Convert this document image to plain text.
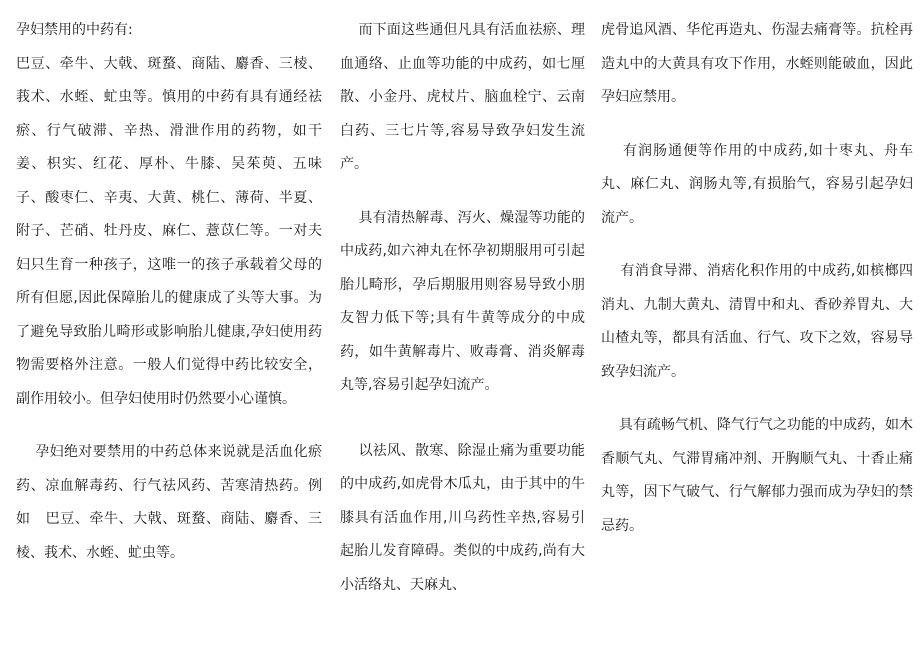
孕妇禁用的中药有:

巴豆、牵牛、大戟、斑蝥、商陆、麝香、三棱、莪术、水蛭、虻虫等。慎用的中药有具有通经祛瘀、行气破滞、辛热、滑泄作用的药物，如干姜、枳实、红花、厚朴、牛膝、吴茱萸、五味子、酸枣仁、辛夷、大黄、桃仁、薄荷、半夏、附子、芒硝、牡丹皮、麻仁、薏苡仁等。一对夫妇只生育一种孩子，这唯一的孩子承载着父母的所有但愿,因此保障胎儿的健康成了头等大事。为了避免导致胎儿畸形或影响胎儿健康,孕妇使用药物需要格外注意。一般人们觉得中药比较安全，副作用较小。但孕妇使用时仍然要小心谨慎。

孕妇绝对要禁用的中药总体来说就是活血化瘀药、凉血解毒药、行气祛风药、苦寒清热药。例如   巴豆、牵牛、大戟、斑蝥、商陆、麝香、三棱、莪术、水蛭、虻虫等。

而下面这些通但凡具有活血祛瘀、理血通络、止血等功能的中成药，如七厘散、小金丹、虎杖片、脑血栓宁、云南白药、三七片等,容易导致孕妇发生流产。

具有清热解毒、泻火、燥湿等功能的中成药,如六神丸在怀孕初期服用可引起胎儿畸形，孕后期服用则容易导致小朋友智力低下等;具有牛黄等成分的中成药，如牛黄解毒片、败毒膏、消炎解毒丸等,容易引起孕妇流产。

以祛风、散寒、除湿止痛为重要功能的中成药,如虎骨木瓜丸，由于其中的牛膝具有活血作用,川乌药性辛热,容易引起胎儿发育障碍。类似的中成药,尚有大小活络丸、天麻丸、

虎骨追风酒、华佗再造丸、伤湿去痛膏等。抗栓再造丸中的大黄具有攻下作用，水蛭则能破血，因此孕妇应禁用。

有润肠通便等作用的中成药,如十枣丸、舟车丸、麻仁丸、润肠丸等,有损胎气，容易引起孕妇流产。

有消食导滞、消痞化积作用的中成药,如槟榔四消丸、九制大黄丸、清胃中和丸、香砂养胃丸、大山楂丸等，都具有活血、行气、攻下之效，容易导致孕妇流产。

具有疏畅气机、降气行气之功能的中成药，如木香顺气丸、气滞胃痛冲剂、开胸顺气丸、十香止痛丸等，因下气破气、行气解郁力强而成为孕妇的禁忌药。
